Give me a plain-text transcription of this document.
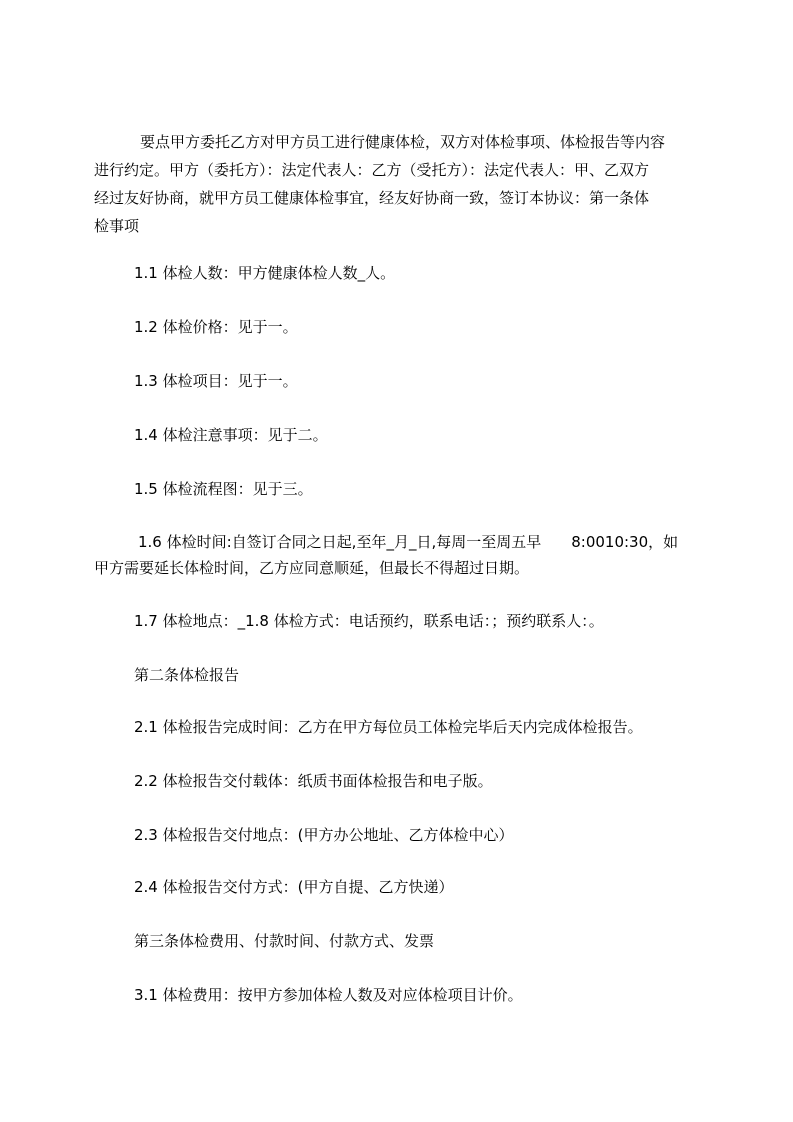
要点甲方委托乙方对甲方员工进行健康体检，双方对体检事项、体检报告等内容
进行约定。甲方（委托方）：法定代表人：乙方（受托方）：法定代表人：甲、乙双方
经过友好协商，就甲方员工健康体检事宜，经友好协商一致，签订本协议：第一条体
检事项

1.1 体检人数：甲方健康体检人数_人。

1.2 体检价格：见于一。

1.3 体检项目：见于一。

1.4 体检注意事项：见于二。

1.5 体检流程图：见于三。

1.6 体检时间:自签订合同之日起,至年_月_日,每周一至周五早　　8:0010:30，如
甲方需要延长体检时间，乙方应同意顺延，但最长不得超过日期。

1.7 体检地点：_1.8 体检方式：电话预约，联系电话：；预约联系人：。

第二条体检报告

2.1 体检报告完成时间：乙方在甲方每位员工体检完毕后天内完成体检报告。

2.2 体检报告交付载体：纸质书面体检报告和电子版。

2.3 体检报告交付地点：(甲方办公地址、乙方体检中心）

2.4 体检报告交付方式：(甲方自提、乙方快递）

第三条体检费用、付款时间、付款方式、发票

3.1 体检费用：按甲方参加体检人数及对应体检项目计价。
